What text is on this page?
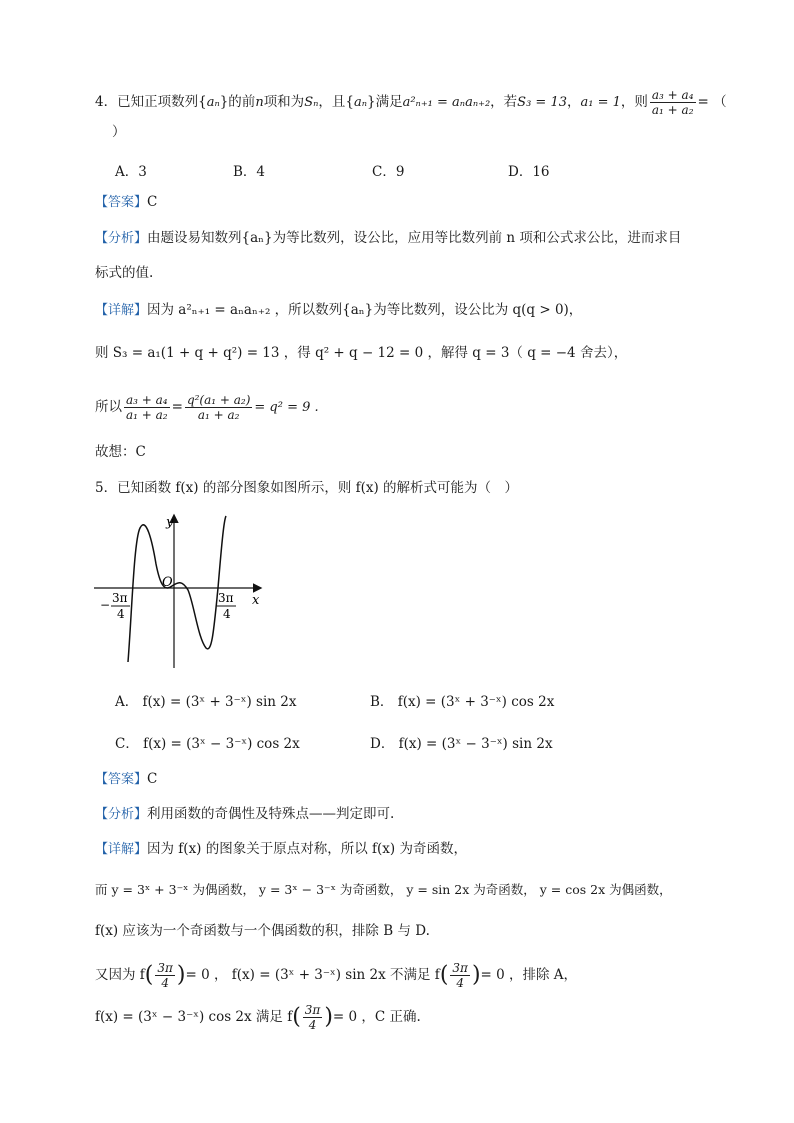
4．已知正项数列{aₙ}的前n项和为Sₙ，且{aₙ}满足a²ₙ₊₁ = aₙaₙ₊₂，若S₃ = 13，a₁ = 1，则 $\frac{\text{a₃ + a₄}}{\text{a₁ + a₂}}$ = （
）
A．3	B．4	C．9	D．16
【答案】C
【分析】由题设易知数列{aₙ}为等比数列，设公比，应用等比数列前 n 项和公式求公比，进而求目
标式的值.
【详解】因为 a²ₙ₊₁ = aₙaₙ₊₂ ，所以数列{aₙ}为等比数列，设公比为 q(q > 0)，
则 S₃ = a₁(1 + q + q²) = 13 ，得 q² + q − 12 = 0 ，解得 q = 3（ q = −4 舍去），
所以 $\frac{\text{a₃ + a₄}}{\text{a₁ + a₂}} = \frac{\text{q²(a₁ + a₂)}}{\text{a₁ + a₂}} = q^2 = 9$ .
故想：C
5．已知函数 f(x) 的部分图象如图所示，则 f(x) 的解析式可能为（　）
y
x
O
− 3π
4
3π
4
A． f(x) = (3ˣ + 3⁻ˣ) sin 2x	B． f(x) = (3ˣ + 3⁻ˣ) cos 2x
C． f(x) = (3ˣ − 3⁻ˣ) cos 2x	D． f(x) = (3ˣ − 3⁻ˣ) sin 2x
【答案】C
【分析】利用函数的奇偶性及特殊点——判定即可.
【详解】因为 f(x) 的图象关于原点对称，所以 f(x) 为奇函数，
而 y = 3ˣ + 3⁻ˣ 为偶函数， y = 3ˣ − 3⁻ˣ 为奇函数， y = sin 2x 为奇函数， y = cos 2x 为偶函数，
f(x) 应该为一个奇函数与一个偶函数的积，排除 B 与 D.
又因为 $f( \frac{3\pi}{4}$ )= 0 ， f(x) = (3ˣ + 3⁻ˣ) sin 2x 不满足 $f( \frac{3\pi}{4}$ )= 0 ，排除 A，
f(x) = (3ˣ − 3⁻ˣ) cos 2x 满足 $f( \frac{3\pi}{4}$ )= 0 ，C 正确.
